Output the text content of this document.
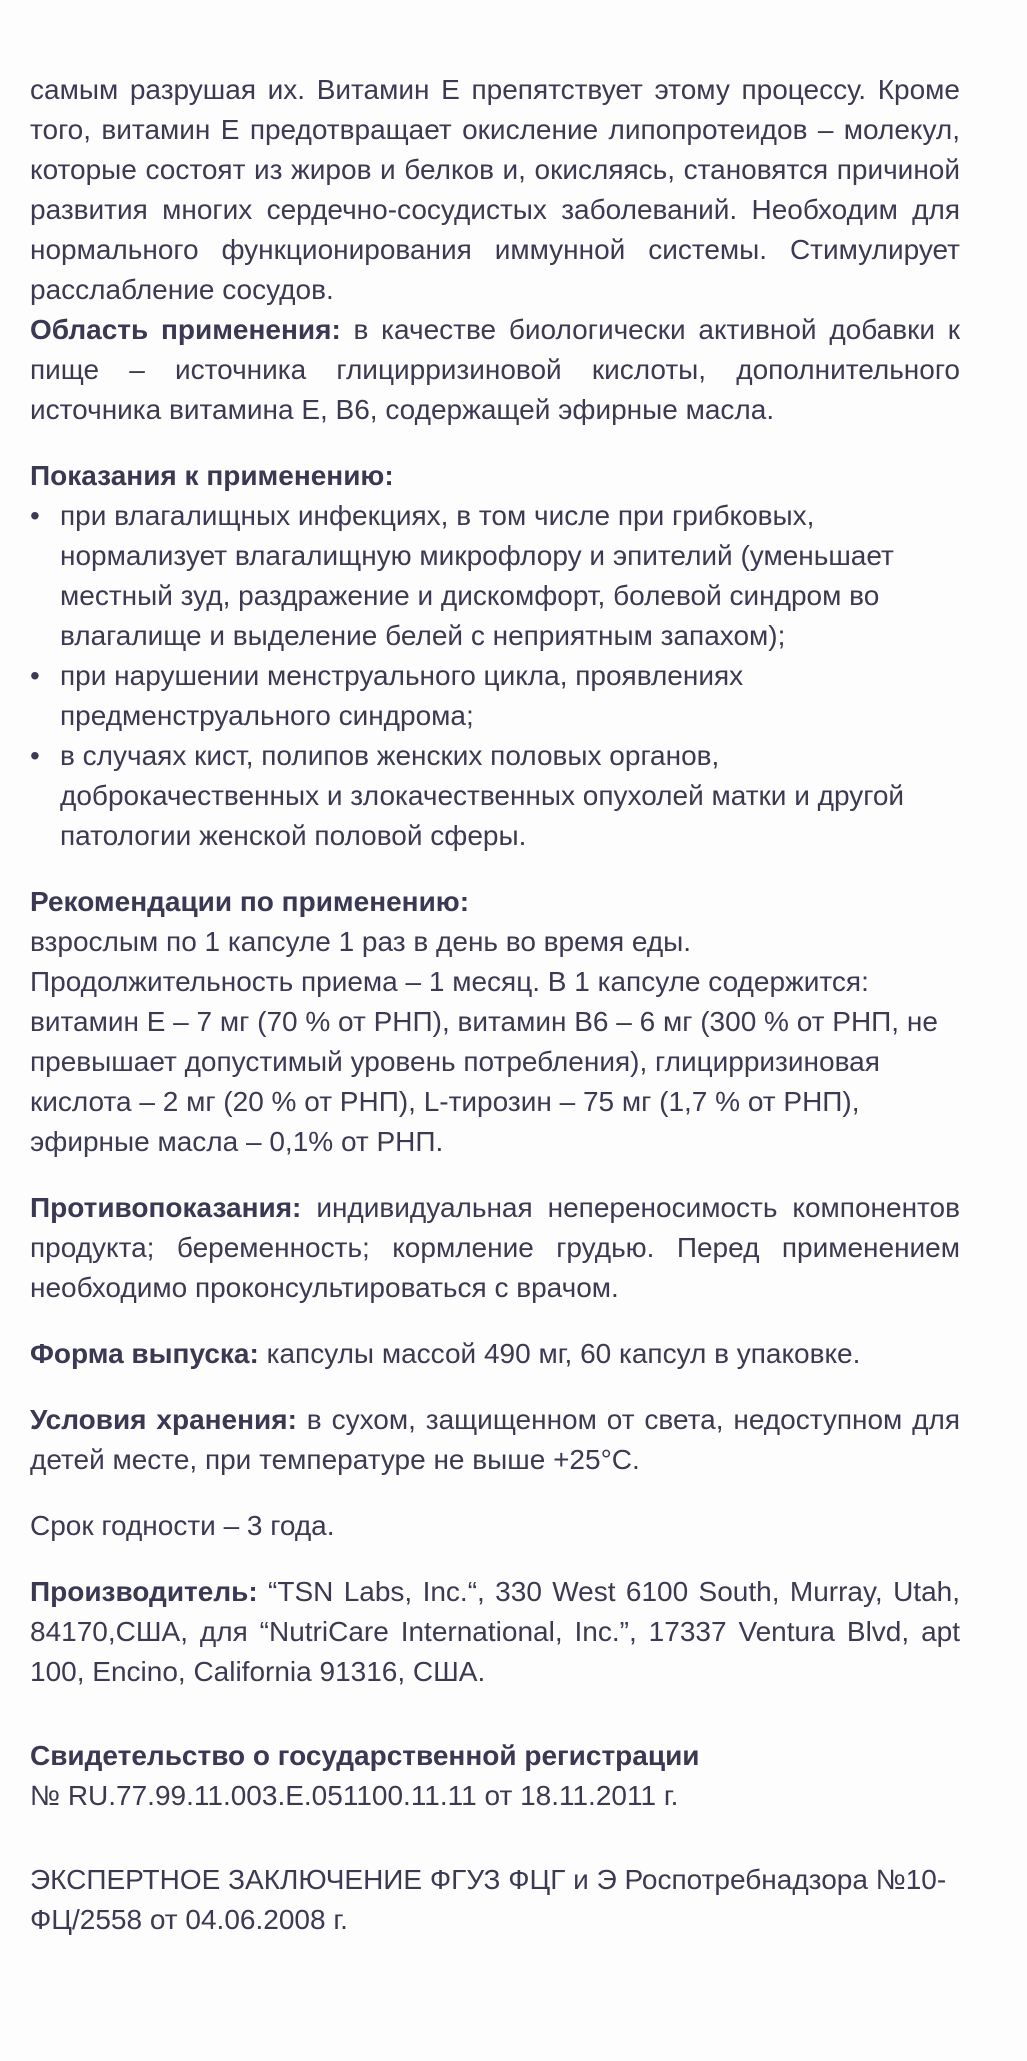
самым разрушая их. Витамин Е препятствует этому процессу. Кроме того, витамин Е предотвращает окисление липопротеидов – молекул, которые состоят из жиров и белков и, окисляясь, становятся причиной развития многих сердечно-сосудистых заболеваний. Необходим для нормального функционирования иммунной системы. Стимулирует расслабление сосудов.

Область применения: в качестве биологически активной добавки к пище – источника глицирризиновой кислоты, дополнительного источника витамина Е, В6, содержащей эфирные масла.

Показания к применению:

• при влагалищных инфекциях, в том числе при грибковых, нормализует влагалищную микрофлору и эпителий (уменьшает местный зуд, раздражение и дискомфорт, болевой синдром во влагалище и выделение белей с неприятным запахом);
• при нарушении менструального цикла, проявлениях предменструального синдрома;
• в случаях кист, полипов женских половых органов, доброкачественных и злокачественных опухолей матки и другой патологии женской половой сферы.

Рекомендации по применению:

взрослым по 1 капсуле 1 раз в день во время еды. Продолжительность приема – 1 месяц. В 1 капсуле содержится: витамин Е – 7 мг (70 % от РНП), витамин В6 – 6 мг (300 % от РНП, не превышает допустимый уровень потребления), глицирризиновая кислота – 2 мг (20 % от РНП), L-тирозин – 75 мг (1,7 % от РНП), эфирные масла – 0,1% от РНП.

Противопоказания: индивидуальная непереносимость компонентов продукта; беременность; кормление грудью. Перед применением необходимо проконсультироваться с врачом.

Форма выпуска: капсулы массой 490 мг, 60 капсул в упаковке.

Условия хранения: в сухом, защищенном от света, недоступном для детей месте, при температуре не выше +25°С.

Срок годности – 3 года.

Производитель: “TSN Labs, Inc.“, 330 West 6100 South, Murray, Utah, 84170,США, для “NutriCare International, Inc.”, 17337 Ventura Blvd, apt 100, Encino, California 91316, США.

Свидетельство о государственной регистрации

№ RU.77.99.11.003.Е.051100.11.11 от 18.11.2011 г.

ЭКСПЕРТНОЕ ЗАКЛЮЧЕНИЕ ФГУЗ ФЦГ и Э Роспотребнадзора №10-ФЦ/2558 от 04.06.2008 г.
